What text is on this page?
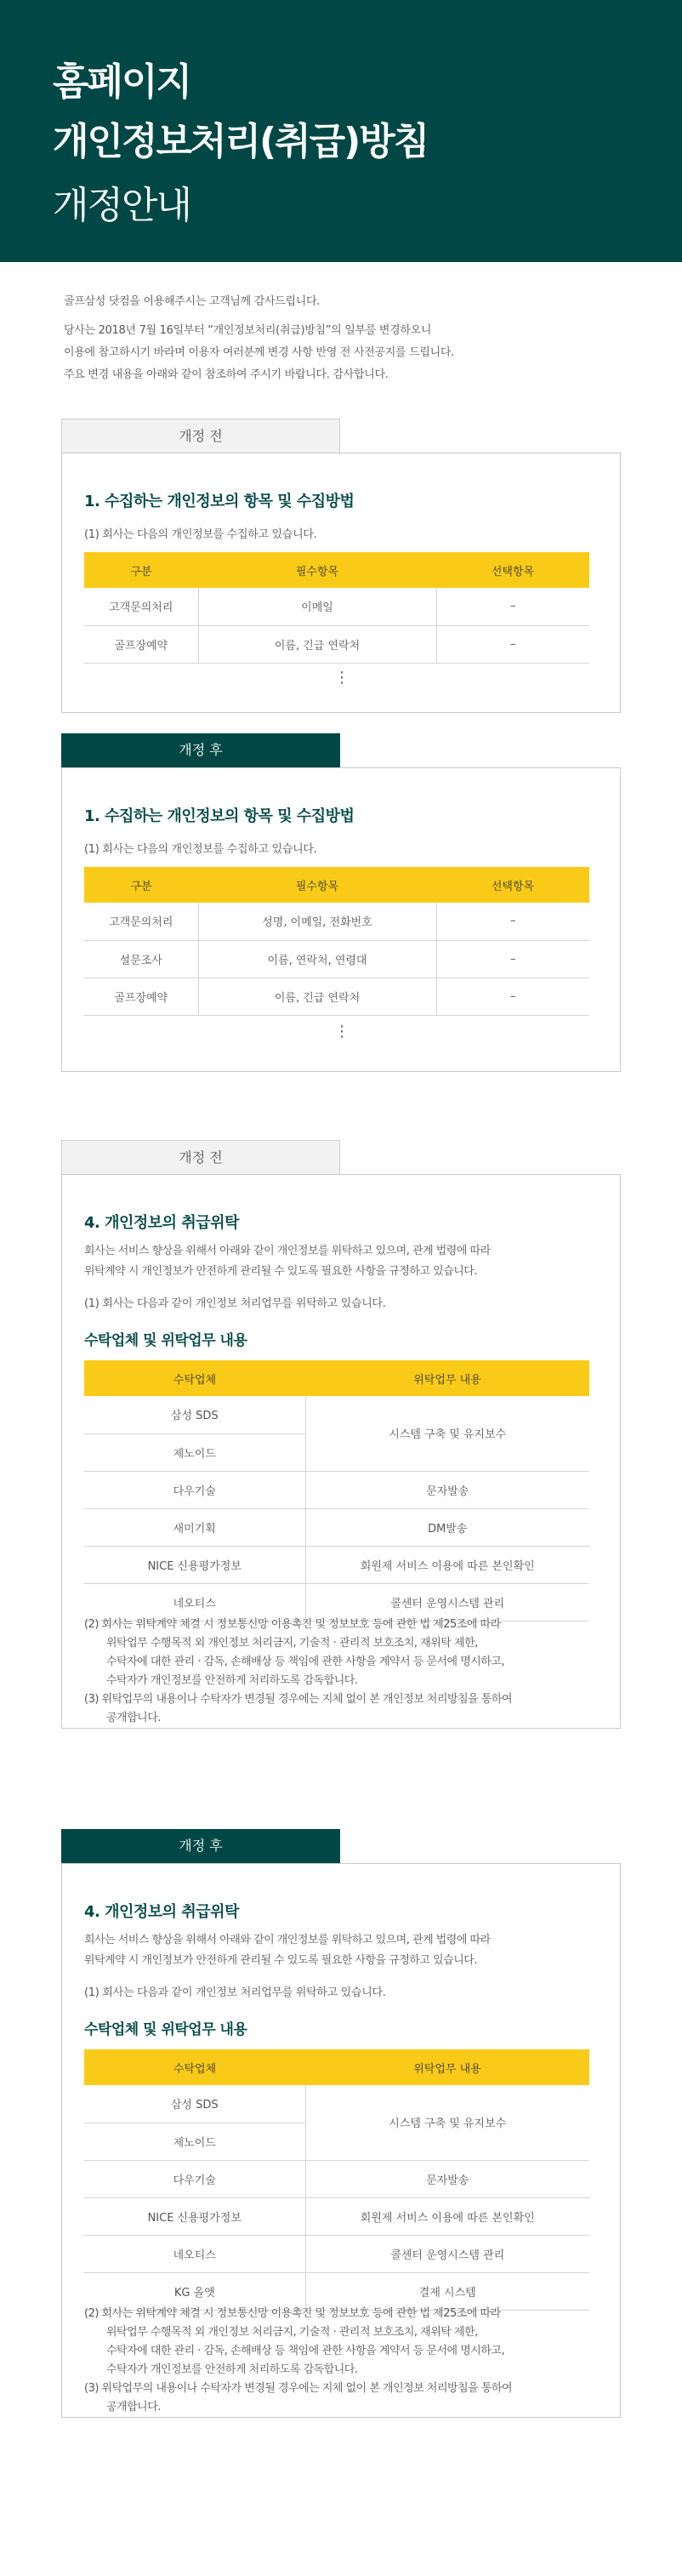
홈페이지
개인정보처리(취급)방침
개정안내

골프삼성 닷컴을 이용해주시는 고객님께 감사드립니다.

당사는 2018년 7월 16일부터 “개인정보처리(취급)방침”의 일부를 변경하오니

이용에 참고하시기 바라며 이용자 여러분께 변경 사항 반영 전 사전공지를 드립니다.

주요 변경 내용을 아래와 같이 참조하여 주시기 바랍니다. 감사합니다.

개정 전
1. 수집하는 개인정보의 항목 및 수집방법
(1) 회사는 다음의 개인정보를 수집하고 있습니다.
구분	필수항목	선택항목
고객문의처리	이메일	–
골프장예약	이름, 긴급 연락처	–
⋮
개정 후
1. 수집하는 개인정보의 항목 및 수집방법
(1) 회사는 다음의 개인정보를 수집하고 있습니다.
구분	필수항목	선택항목
고객문의처리	성명, 이메일, 전화번호	–
설문조사	이름, 연락처, 연령대	–
골프장예약	이름, 긴급 연락처	–
⋮
개정 전
4. 개인정보의 취급위탁
회사는 서비스 향상을 위해서 아래와 같이 개인정보를 위탁하고 있으며, 관계 법령에 따라
위탁계약 시 개인정보가 안전하게 관리될 수 있도록 필요한 사항을 규정하고 있습니다.
(1) 회사는 다음과 같이 개인정보 처리업무를 위탁하고 있습니다.
수탁업체 및 위탁업무 내용
수탁업체	위탁업무 내용
삼성 SDS	시스템 구축 및 유지보수
제노이드	
다우기술	문자발송
새미기획	DM발송
NICE 신용평가정보	회원제 서비스 이용에 따른 본인확인
네오티스	콜센터 운영시스템 관리
(2) 회사는 위탁계약 체결 시 정보통신망 이용촉진 및 정보보호 등에 관한 법 제25조에 따라
위탁업무 수행목적 외 개인정보 처리금지, 기술적 · 관리적 보호조치, 재위탁 제한,
수탁자에 대한 관리 · 감독, 손해배상 등 책임에 관한 사항을 계약서 등 문서에 명시하고,
수탁자가 개인정보를 안전하게 처리하도록 감독합니다.
(3) 위탁업무의 내용이나 수탁자가 변경될 경우에는 지체 없이 본 개인정보 처리방침을 통하여
공개합니다.
개정 후
4. 개인정보의 취급위탁
회사는 서비스 향상을 위해서 아래와 같이 개인정보를 위탁하고 있으며, 관계 법령에 따라
위탁계약 시 개인정보가 안전하게 관리될 수 있도록 필요한 사항을 규정하고 있습니다.
(1) 회사는 다음과 같이 개인정보 처리업무를 위탁하고 있습니다.
수탁업체 및 위탁업무 내용
수탁업체	위탁업무 내용
삼성 SDS	시스템 구축 및 유지보수
제노이드	
다우기술	문자발송
NICE 신용평가정보	회원제 서비스 이용에 따른 본인확인
네오티스	콜센터 운영시스템 관리
KG 올앳	결제 시스템
(2) 회사는 위탁계약 체결 시 정보통신망 이용촉진 및 정보보호 등에 관한 법 제25조에 따라
위탁업무 수행목적 외 개인정보 처리금지, 기술적 · 관리적 보호조치, 재위탁 제한,
수탁자에 대한 관리 · 감독, 손해배상 등 책임에 관한 사항을 계약서 등 문서에 명시하고,
수탁자가 개인정보를 안전하게 처리하도록 감독합니다.
(3) 위탁업무의 내용이나 수탁자가 변경될 경우에는 지체 없이 본 개인정보 처리방침을 통하여
공개합니다.
